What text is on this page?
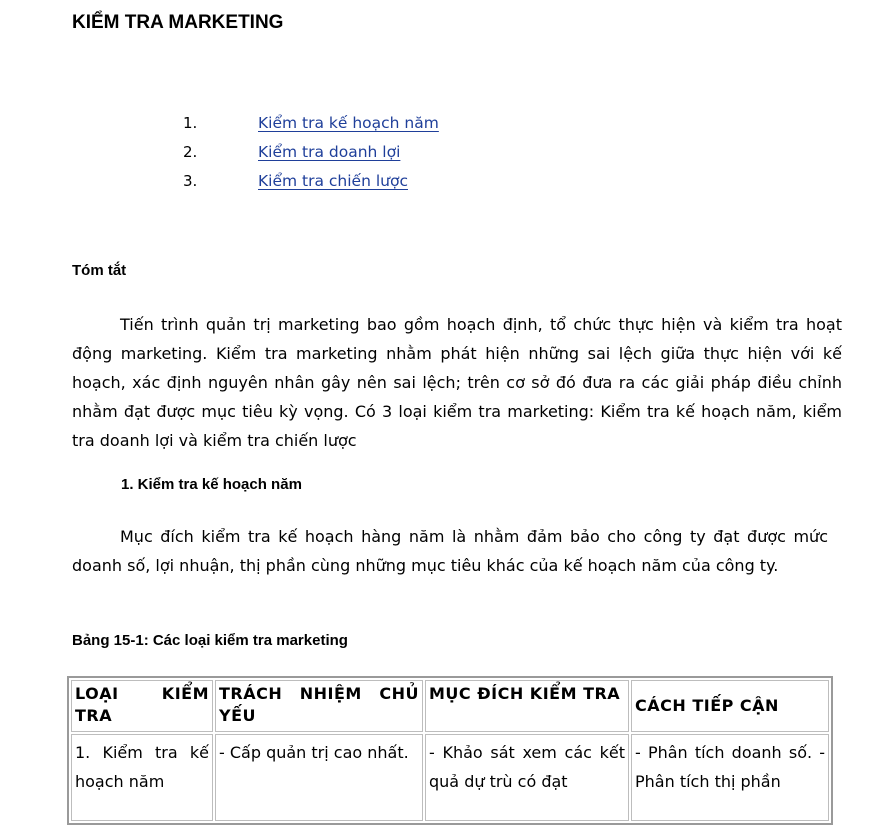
KIỂM TRA MARKETING
1.	Kiểm tra kế hoạch năm
2.	Kiểm tra doanh lợi
3.	Kiểm tra chiến lược
Tóm tắt
Tiến trình quản trị marketing bao gồm hoạch định, tổ chức thực hiện và kiểm tra hoạt động marketing. Kiểm tra marketing nhằm phát hiện những sai lệch giữa thực hiện với kế hoạch, xác định nguyên nhân gây nên sai lệch; trên cơ sở đó đưa ra các giải pháp điều chỉnh nhằm đạt được mục tiêu kỳ vọng. Có 3 loại kiểm tra marketing: Kiểm tra kế hoạch năm, kiểm tra doanh lợi và kiểm tra chiến lược
1. Kiểm tra kế hoạch năm
Mục đích kiểm tra kế hoạch hàng năm là nhằm đảm bảo cho công ty đạt được mức doanh số, lợi nhuận, thị phần cùng những mục tiêu khác của kế hoạch năm của công ty.
Bảng 15-1: Các loại kiểm tra marketing
LOẠI KIỂM TRA	TRÁCH NHIỆM CHỦ YẾU	MỤC ĐÍCH KIỂM TRA	CÁCH TIẾP CẬN
1. Kiểm tra kế hoạch năm	- Cấp quản trị cao nhất.	- Khảo sát xem các kết quả dự trù có đạt	- Phân tích doanh số. - Phân tích thị phần
